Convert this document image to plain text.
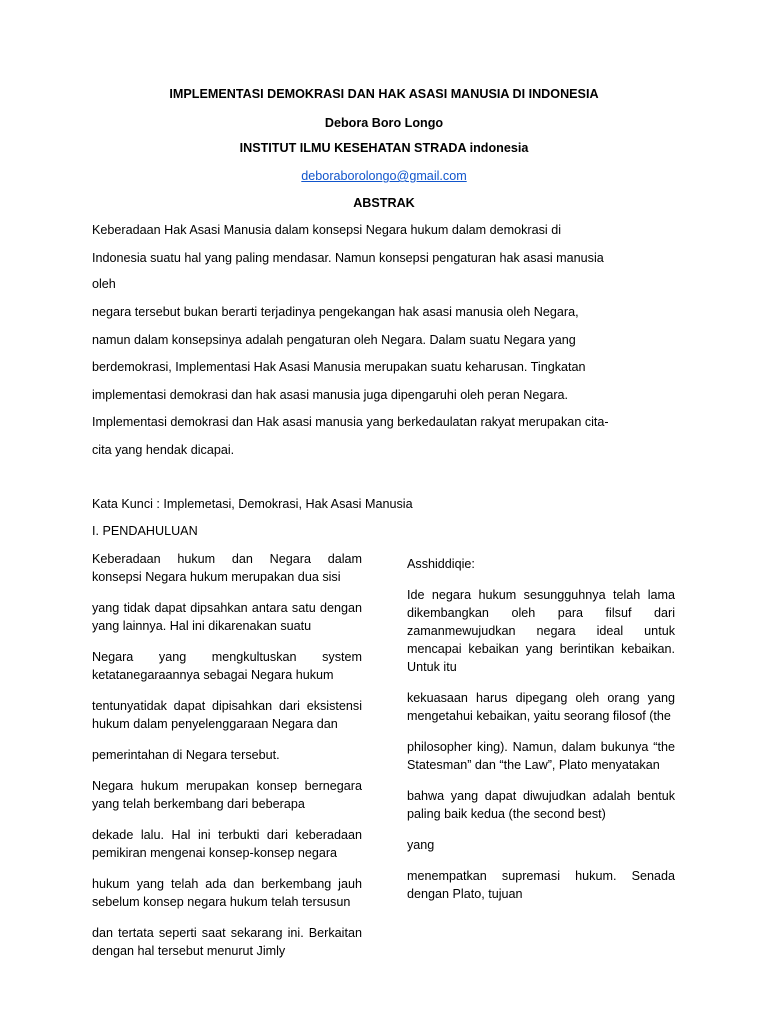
IMPLEMENTASI DEMOKRASI DAN HAK ASASI MANUSIA DI INDONESIA
Debora Boro Longo
INSTITUT ILMU KESEHATAN STRADA indonesia
deboraborolongo@gmail.com
ABSTRAK
Keberadaan Hak Asasi Manusia dalam konsepsi Negara hukum dalam demokrasi di
Indonesia suatu hal yang paling mendasar. Namun konsepsi pengaturan hak asasi manusia
oleh
negara tersebut bukan berarti terjadinya pengekangan hak asasi manusia oleh Negara,
namun dalam konsepsinya adalah pengaturan oleh Negara. Dalam suatu Negara yang
berdemokrasi, Implementasi Hak Asasi Manusia merupakan suatu keharusan. Tingkatan
implementasi demokrasi dan hak asasi manusia juga dipengaruhi oleh peran Negara.
Implementasi demokrasi dan Hak asasi manusia yang berkedaulatan rakyat merupakan cita-
cita yang hendak dicapai.
Kata Kunci : Implemetasi, Demokrasi, Hak Asasi Manusia
I. PENDAHULUAN

Keberadaan hukum dan Negara dalam konsepsi Negara hukum merupakan dua sisi

yang tidak dapat dipsahkan antara satu dengan yang lainnya. Hal ini dikarenakan suatu

Negara yang mengkultuskan system ketatanegaraannya sebagai Negara hukum

tentunyatidak dapat dipisahkan dari eksistensi hukum dalam penyelenggaraan Negara dan

pemerintahan di Negara tersebut.

Negara hukum merupakan konsep bernegara yang telah berkembang dari beberapa

dekade lalu. Hal ini terbukti dari keberadaan pemikiran mengenai konsep-konsep negara

hukum yang telah ada dan berkembang jauh sebelum konsep negara hukum telah tersusun

dan tertata seperti saat sekarang ini. Berkaitan dengan hal tersebut menurut Jimly

Asshiddiqie:

Ide negara hukum sesungguhnya telah lama dikembangkan oleh para filsuf dari zamanmewujudkan negara ideal untuk mencapai kebaikan yang berintikan kebaikan. Untuk itu

kekuasaan harus dipegang oleh orang yang mengetahui kebaikan, yaitu seorang filosof (the

philosopher king). Namun, dalam bukunya “the Statesman” dan “the Law”, Plato menyatakan

bahwa yang dapat diwujudkan adalah bentuk paling baik kedua (the second best)

yang

menempatkan supremasi hukum. Senada dengan Plato, tujuan
